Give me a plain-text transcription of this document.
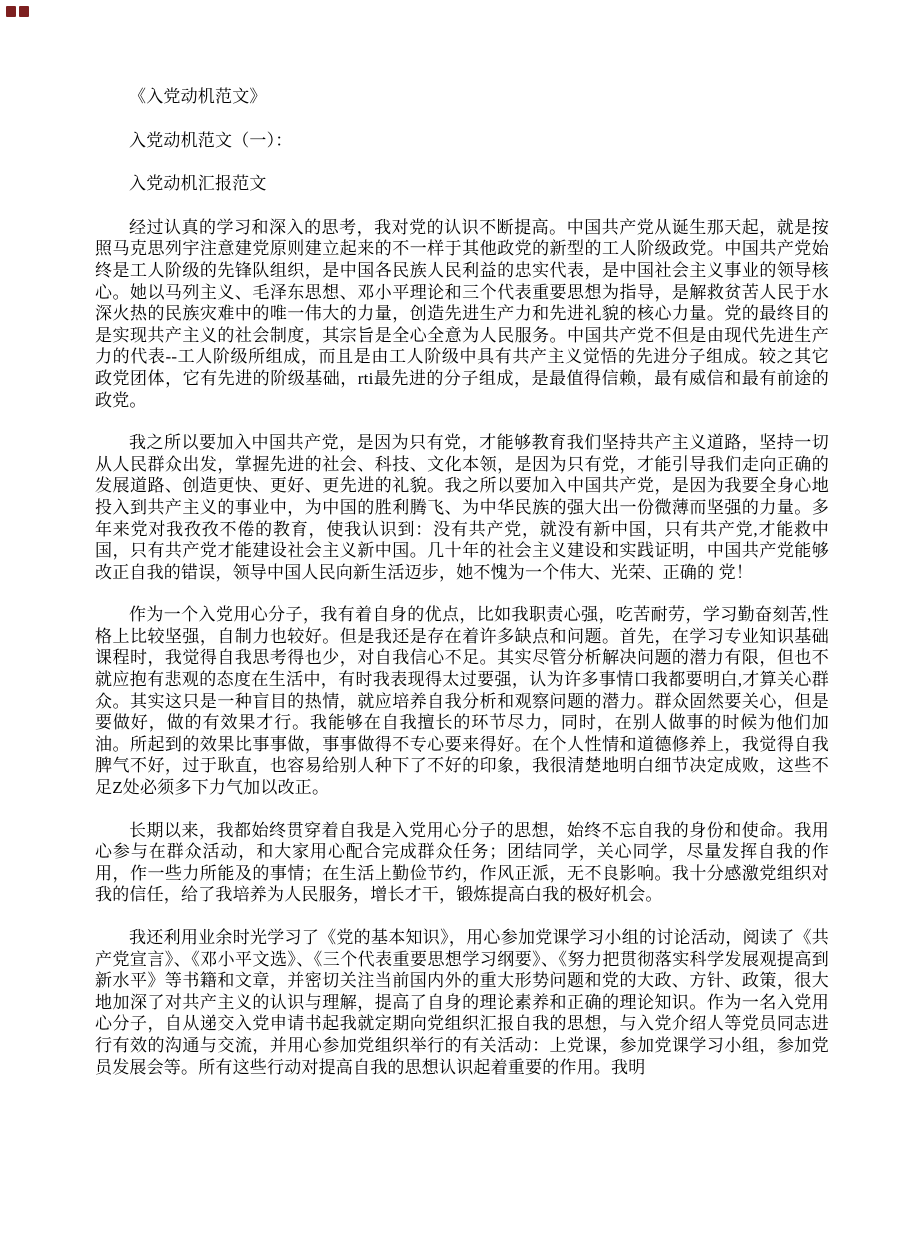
《入党动机范文》

入党动机范文（一）：

入党动机汇报范文

经过认真的学习和深入的思考，我对党的认识不断提高。中国共产党从诞生那天起，就是按照马克思列宇注意建党原则建立起来的不一样于其他政党的新型的工人阶级政党。中国共产党始终是工人阶级的先锋队组织，是中国各民族人民利益的忠实代表，是中国社会主义事业的领导核心。她以马列主义、毛泽东思想、邓小平理论和三个代表重要思想为指导，是解救贫苦人民于水深火热的民族灾难中的唯一伟大的力量，创造先进生产力和先进礼貌的核心力量。党的最终目的是实现共产主义的社会制度，其宗旨是全心全意为人民服务。中国共产党不但是由现代先进生产力的代表--工人阶级所组成，而且是由工人阶级中具有共产主义觉悟的先进分子组成。较之其它政党团体，它有先进的阶级基础，rti最先进的分子组成，是最值得信赖，最有威信和最有前途的政党。

我之所以要加入中国共产党，是因为只有党，才能够教育我们坚持共产主义道路，坚持一切从人民群众出发，掌握先进的社会、科技、文化本领，是因为只有党，才能引导我们走向正确的发展道路、创造更快、更好、更先进的礼貌。我之所以要加入中国共产党，是因为我要全身心地投入到共产主义的事业中，为中国的胜利腾飞、为中华民族的强大出一份微薄而坚强的力量。多年来党对我孜孜不倦的教育，使我认识到：没有共产党，就没有新中国，只有共产党,才能救中国，只有共产党才能建设社会主义新中国。几十年的社会主义建设和实践证明，中国共产党能够改正自我的错误，领导中国人民向新生活迈步，她不愧为一个伟大、光荣、正确的 党！

作为一个入党用心分子，我有着自身的优点，比如我职责心强，吃苦耐劳，学习勤奋刻苦,性格上比较坚强，自制力也较好。但是我还是存在着许多缺点和问题。首先，在学习专业知识基础课程时，我觉得自我思考得也少，对自我信心不足。其实尽管分析解决问题的潜力有限，但也不就应抱有悲观的态度在生活中，有时我表现得太过要强，认为许多事情口我都要明白,才算关心群众。其实这只是一种盲目的热情，就应培养自我分析和观察问题的潜力。群众固然要关心，但是要做好，做的有效果才行。我能够在自我擅长的环节尽力，同时，在别人做事的时候为他们加油。所起到的效果比事事做，事事做得不专心要来得好。在个人性情和道德修养上，我觉得自我脾气不好，过于耿直，也容易给别人种下了不好的印象，我很清楚地明白细节决定成败，这些不足Z处必须多下力气加以改正。

长期以来，我都始终贯穿着自我是入党用心分子的思想，始终不忘自我的身份和使命。我用心参与在群众活动，和大家用心配合完成群众任务；团结同学，关心同学，尽量发挥自我的作用，作一些力所能及的事情；在生活上勤俭节约，作风正派，无不良影响。我十分感激党组织对我的信任，给了我培养为人民服务，增长才干，锻炼提高白我的极好机会。

我还利用业余时光学习了《党的基本知识》，用心参加党课学习小组的讨论活动，阅读了《共产党宣言》、《邓小平文选》、《三个代表重要思想学习纲要》、《努力把贯彻落实科学发展观提高到新水平》等书籍和文章，并密切关注当前国内外的重大形势问题和党的大政、方针、政策，很大地加深了对共产主义的认识与理解，提高了自身的理论素养和正确的理论知识。作为一名入党用心分子，自从递交入党申请书起我就定期向党组织汇报自我的思想，与入党介绍人等党员同志进行有效的沟通与交流，并用心参加党组织举行的有关活动：上党课，参加党课学习小组，参加党员发展会等。所有这些行动对提高自我的思想认识起着重要的作用。我明
